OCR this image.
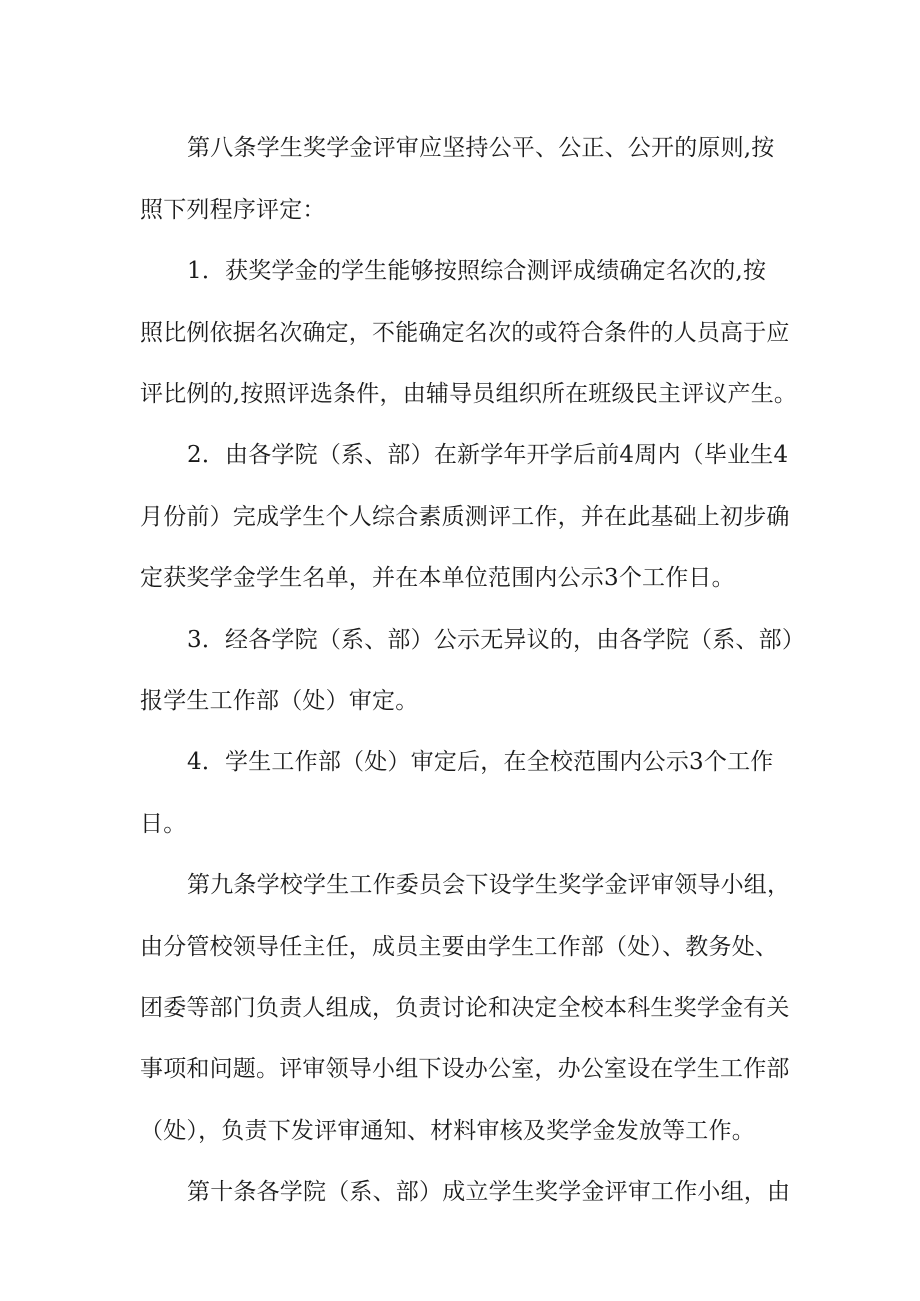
第八条学生奖学金评审应坚持公平、公正、公开的原则,按
照下列程序评定：
1．获奖学金的学生能够按照综合测评成绩确定名次的,按
照比例依据名次确定，不能确定名次的或符合条件的人员高于应
评比例的,按照评选条件，由辅导员组织所在班级民主评议产生。
2．由各学院（系、部）在新学年开学后前4周内（毕业生4
月份前）完成学生个人综合素质测评工作，并在此基础上初步确
定获奖学金学生名单，并在本单位范围内公示3个工作日。
3．经各学院（系、部）公示无异议的，由各学院（系、部）
报学生工作部（处）审定。
4．学生工作部（处）审定后，在全校范围内公示3个工作
日。
第九条学校学生工作委员会下设学生奖学金评审领导小组，
由分管校领导任主任，成员主要由学生工作部（处）、教务处、
团委等部门负责人组成，负责讨论和决定全校本科生奖学金有关
事项和问题。评审领导小组下设办公室，办公室设在学生工作部
（处），负责下发评审通知、材料审核及奖学金发放等工作。
第十条各学院（系、部）成立学生奖学金评审工作小组，由
